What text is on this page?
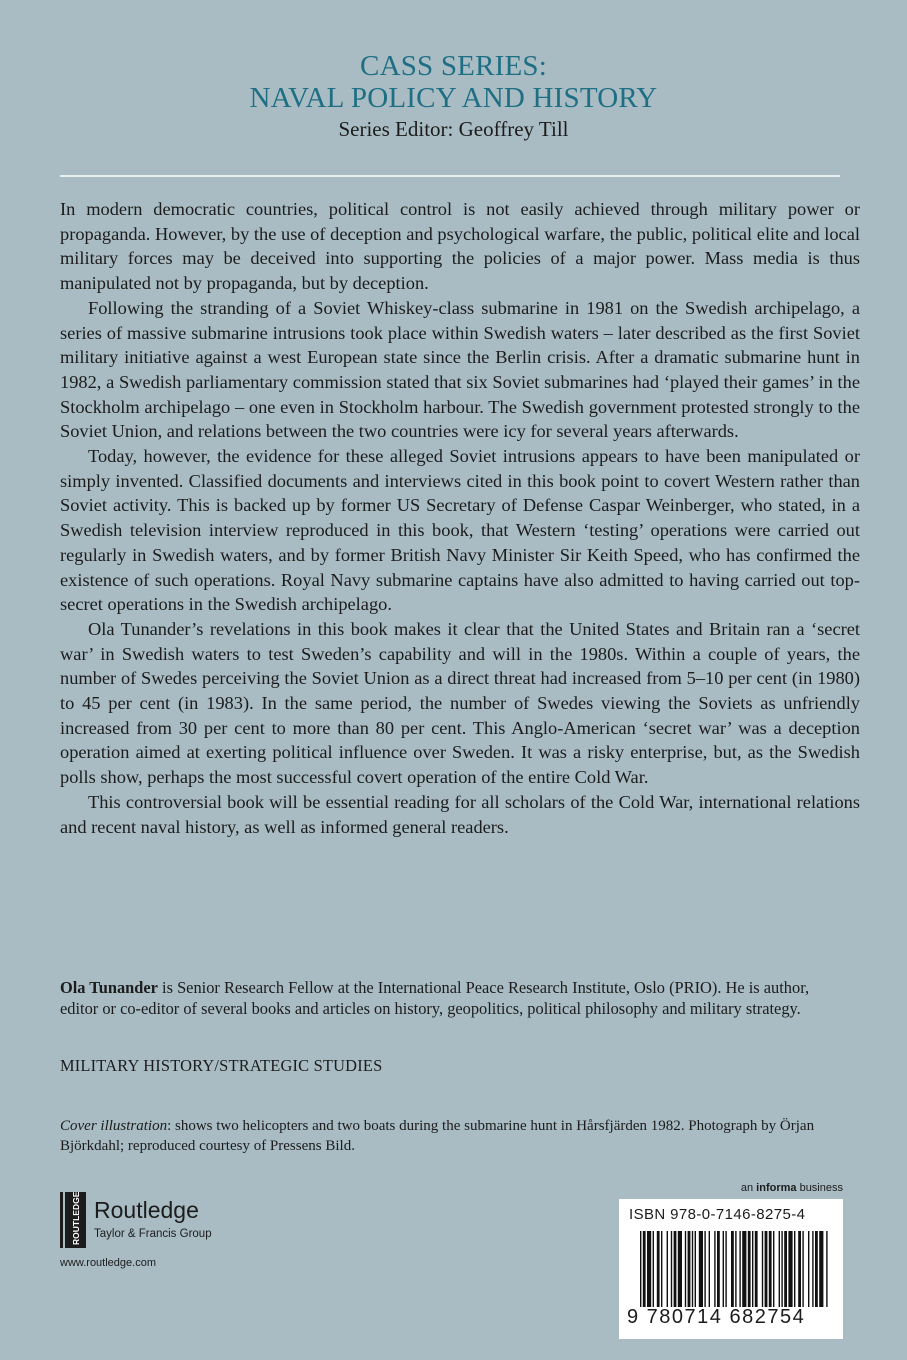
CASS SERIES:
NAVAL POLICY AND HISTORY
Series Editor: Geoffrey Till

In modern democratic countries, political control is not easily achieved through military power or propaganda. However, by the use of deception and psychological warfare, the public, political elite and local military forces may be deceived into supporting the policies of a major power. Mass media is thus manipulated not by propaganda, but by deception.

Following the stranding of a Soviet Whiskey-class submarine in 1981 on the Swedish archipelago, a series of massive submarine intrusions took place within Swedish waters – later described as the first Soviet military initiative against a west European state since the Berlin crisis. After a dramatic submarine hunt in 1982, a Swedish parliamentary commission stated that six Soviet submarines had ‘played their games’ in the Stockholm archipelago – one even in Stockholm harbour. The Swedish government protested strongly to the Soviet Union, and relations between the two countries were icy for several years afterwards.

Today, however, the evidence for these alleged Soviet intrusions appears to have been manipulated or simply invented. Classified documents and interviews cited in this book point to covert Western rather than Soviet activity. This is backed up by former US Secretary of Defense Caspar Weinberger, who stated, in a Swedish television interview reproduced in this book, that Western ‘testing’ operations were carried out regularly in Swedish waters, and by former British Navy Minister Sir Keith Speed, who has confirmed the existence of such operations. Royal Navy submarine captains have also admitted to having carried out top-secret operations in the Swedish archipelago.

Ola Tunander’s revelations in this book makes it clear that the United States and Britain ran a ‘secret war’ in Swedish waters to test Sweden’s capability and will in the 1980s. Within a couple of years, the number of Swedes perceiving the Soviet Union as a direct threat had increased from 5–10 per cent (in 1980) to 45 per cent (in 1983). In the same period, the number of Swedes viewing the Soviets as unfriendly increased from 30 per cent to more than 80 per cent. This Anglo-American ‘secret war’ was a deception operation aimed at exerting political influence over Sweden. It was a risky enterprise, but, as the Swedish polls show, perhaps the most successful covert operation of the entire Cold War.

This controversial book will be essential reading for all scholars of the Cold War, international relations and recent naval history, as well as informed general readers.

Ola Tunander is Senior Research Fellow at the International Peace Research Institute, Oslo (PRIO). He is author, editor or co-editor of several books and articles on history, geopolitics, political philosophy and military strategy.

MILITARY HISTORY/STRATEGIC STUDIES
Cover illustration: shows two helicopters and two boats during the submarine hunt in Hårsfjärden 1982. Photograph by Örjan Björkdahl; reproduced courtesy of Pressens Bild.
ROUTLEDGE Routledge
Taylor & Francis Group
www.routledge.com
an informa business
ISBN 978-0-7146-8275-4
9 780714 682754
